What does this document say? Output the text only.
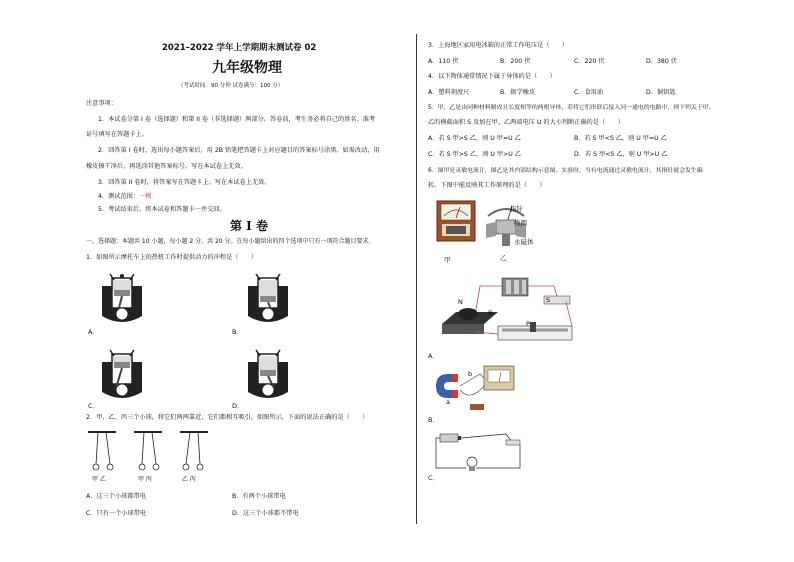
2021–2022 学年上学期期末测试卷 02
九年级物理
（考试时间：90 分钟 试卷满分：100 分）
注意事项：
1．本试卷分第 I 卷（选择题）和第 II 卷（非选择题）两部分。答卷前，考生务必将自己的姓名、准考
证号填写在答题卡上。
2．回答第 I 卷时，选出每小题答案后，用 2B 铅笔把答题卡上对应题目的答案标号涂黑。如需改动，用
橡皮擦干净后，再选涂其他答案标号。写在本试卷上无效。
3．回答第 II 卷时，将答案写在答题卡上。写在本试卷上无效。
4．测试范围：一模
5．考试结束后，将本试卷和答题卡一并交回。
第 I 卷
一、选择题：本题共 10 小题，每小题 2 分，共 20 分。在每小题给出的四个选项中只有一项符合题目要求。
1．如图所示摩托车上的热机工作时提供动力的冲程是（　　）
A．	B．
C．	D．
2．甲、乙、丙三个小球，将它们两两靠近，它们都相互吸引，如图所示，下面的说法正确的是（　　）
甲 乙	甲 丙	乙 丙
A．这三个小球都带电	B．有两个小球带电
C．只有一个小球带电	D．这三个小球都不带电
3．上海地区家用电冰箱的正常工作电压是（　　）
A．110 伏	B．200 伏	C．220 伏	D．380 伏
4．以下物体通常情况下属于导体的是（　　）
A．塑料刻度尺	B．据学橡皮	C．食用油	D．铜钥匙
5．甲、乙是由同种材料制成且长度相等的两根导体，若将它们串联后接入同一通电的电路中，则下列关于甲、
乙的横截面积 S 及加在甲、乙两端电压 U 的大小判断正确的是（　　）
A．若 S 甲>S 乙，则 U 甲=U 乙	B．若 S 甲<S 乙，则 U 甲=U 乙
C．若 S 甲>S 乙，则 U 甲>U 乙	D．若 S 甲<S 乙，则 U 甲>U 乙
6．图甲是灵敏电流计，图乙是其内部结构示意图。实验时，当有电流通过灵敏电流计，其指针就会发生偏
转。下图中能反映其工作原理的是（　　）
甲
指针
线圈
永磁体
乙
N
B
P
S
A．
a
b
B．
C．
